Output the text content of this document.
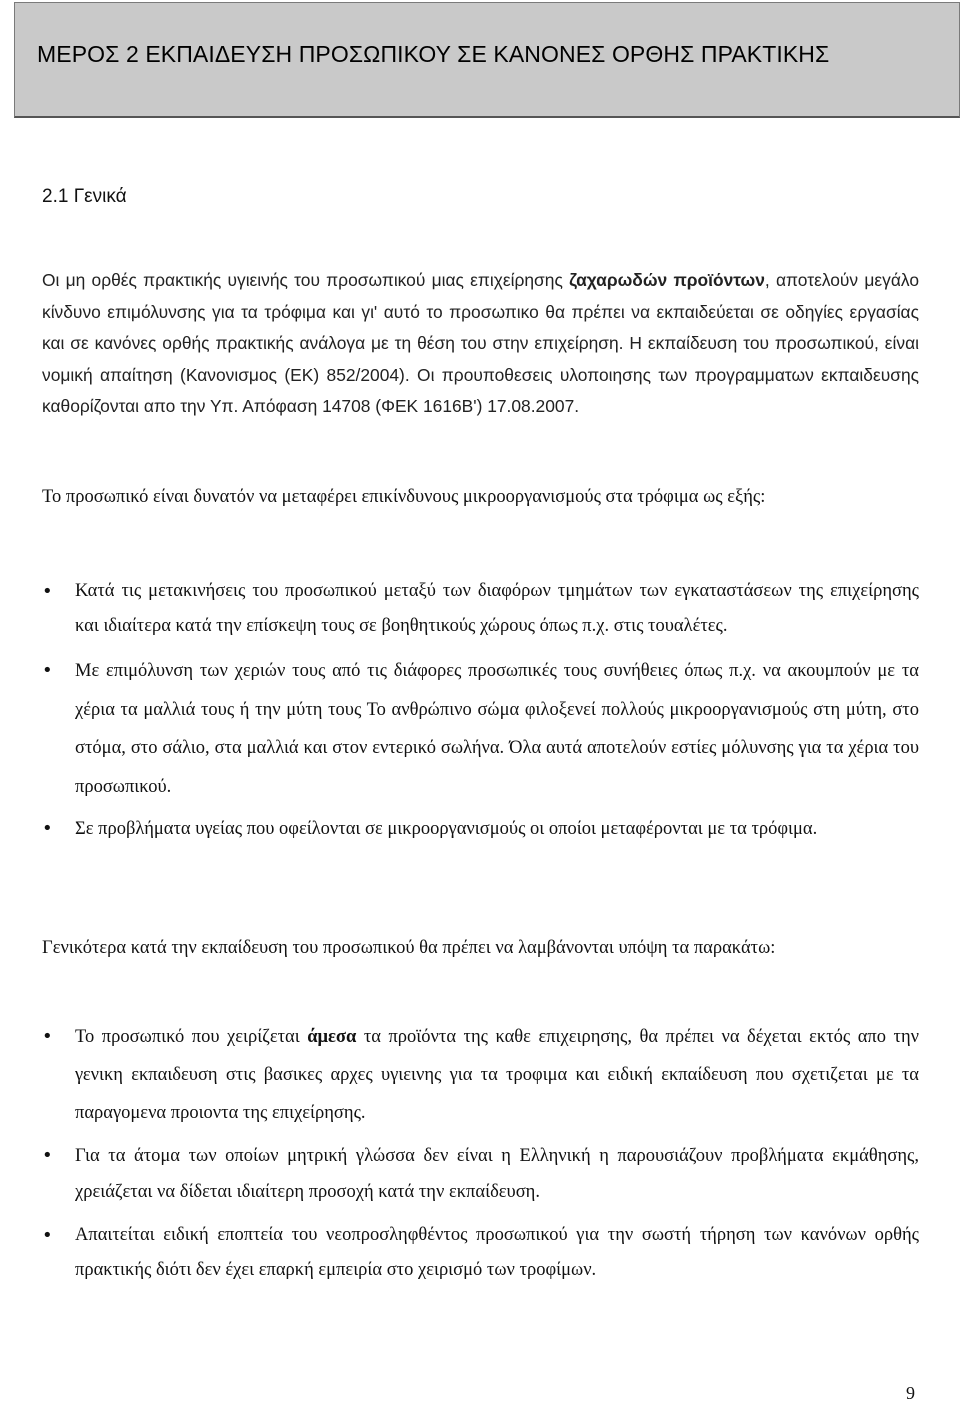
ΜΕΡΟΣ 2 ΕΚΠΑΙΔΕΥΣΗ ΠΡΟΣΩΠΙΚΟΥ ΣΕ ΚΑΝΟΝΕΣ ΟΡΘΗΣ ΠΡΑΚΤΙΚΗΣ
2.1 Γενικά
Οι μη ορθές πρακτικής υγιεινής του προσωπικού μιας επιχείρησης ζαχαρωδών προϊόντων, αποτελούν μεγάλο κίνδυνο επιμόλυνσης για τα τρόφιμα και γι' αυτό το προσωπικο θα πρέπει να εκπαιδεύεται σε οδηγίες εργασίας και σε κανόνες ορθής πρακτικής ανάλογα με τη θέση του στην επιχείρηση. Η εκπαίδευση του προσωπικού, είναι νομική απαίτηση (Κανονισμος (ΕΚ) 852/2004). Οι προυποθεσεις υλοποιησης των προγραμματων εκπαιδευσης καθορίζονται απο την Υπ. Απόφαση 14708 (ΦΕΚ 1616Β') 17.08.2007.
Το προσωπικό είναι δυνατόν να μεταφέρει επικίνδυνους μικροοργανισμούς στα τρόφιμα ως εξής:
• Κατά τις μετακινήσεις του προσωπικού μεταξύ των διαφόρων τμημάτων των εγκαταστάσεων της επιχείρησης και ιδιαίτερα κατά την επίσκεψη τους σε βοηθητικούς χώρους όπως π.χ. στις τουαλέτες.
• Με επιμόλυνση των χεριών τους από τις διάφορες προσωπικές τους συνήθειες όπως π.χ. να ακουμπούν με τα χέρια τα μαλλιά τους ή την μύτη τους Το ανθρώπινο σώμα φιλοξενεί πολλούς μικροοργανισμούς στη μύτη, στο στόμα, στο σάλιο, στα μαλλιά και στον εντερικό σωλήνα. Όλα αυτά αποτελούν εστίες μόλυνσης για τα χέρια του προσωπικού.
• Σε προβλήματα υγείας που οφείλονται σε μικροοργανισμούς οι οποίοι μεταφέρονται με τα τρόφιμα.
Γενικότερα κατά την εκπαίδευση του προσωπικού θα πρέπει να λαμβάνονται υπόψη τα παρακάτω:
• Το προσωπικό που χειρίζεται άμεσα τα προϊόντα της καθε επιχειρησης, θα πρέπει να δέχεται εκτός απο την γενικη εκπαιδευση στις βασικες αρχες υγιεινης για τα τροφιμα και ειδική εκπαίδευση που σχετιζεται με τα παραγομενα προιοντα της επιχείρησης.
• Για τα άτομα των οποίων μητρική γλώσσα δεν είναι η Ελληνική η παρουσιάζουν προβλήματα εκμάθησης, χρειάζεται να δίδεται ιδιαίτερη προσοχή κατά την εκπαίδευση.
• Απαιτείται ειδική εποπτεία του νεοπροσληφθέντος προσωπικού για την σωστή τήρηση των κανόνων ορθής πρακτικής διότι δεν έχει επαρκή εμπειρία στο χειρισμό των τροφίμων.
9
